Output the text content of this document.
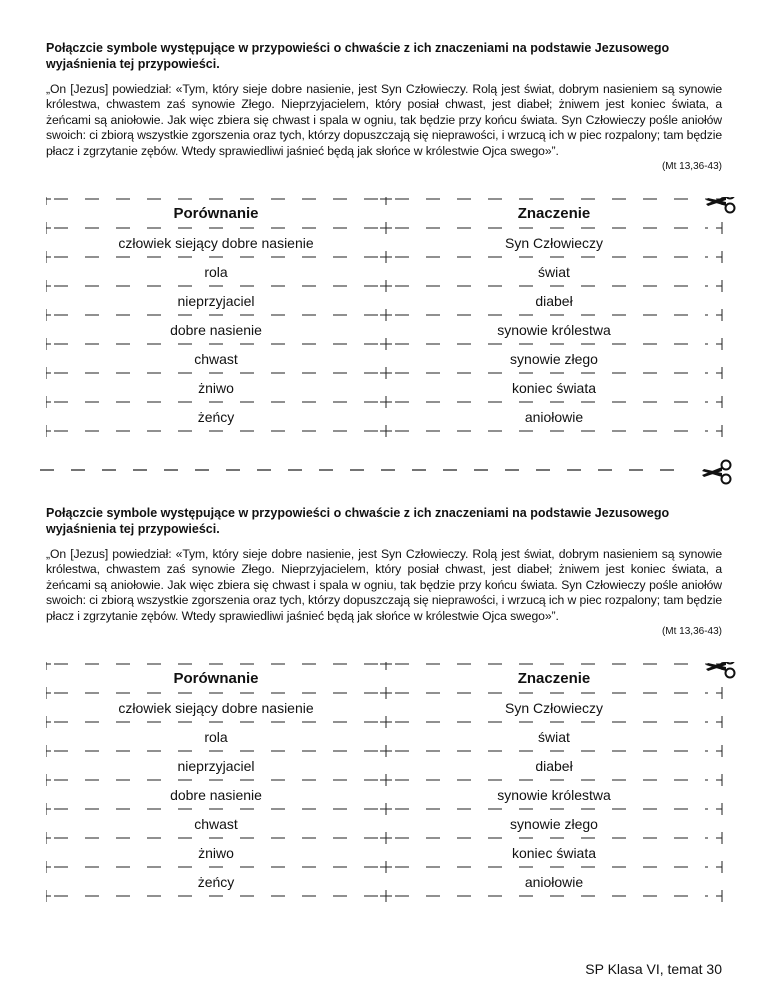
Połączcie symbole występujące w przypowieści o chwaście z ich znaczeniami na podstawie Jezusowego wyjaśnienia tej przypowieści.

„On [Jezus] powiedział: «Tym, który sieje dobre nasienie, jest Syn Człowieczy. Rolą jest świat, dobrym nasieniem są synowie królestwa, chwastem zaś synowie Złego. Nieprzyjacielem, który posiał chwast, jest diabeł; żniwem jest koniec świata, a żeńcami są aniołowie. Jak więc zbiera się chwast i spala w ogniu, tak będzie przy końcu świata. Syn Człowieczy pośle aniołów swoich: ci zbiorą wszystkie zgorszenia oraz tych, którzy dopuszczają się nieprawości, i wrzucą ich w piec rozpalony; tam będzie płacz i zgrzytanie zębów. Wtedy sprawiedliwi jaśnieć będą jak słońce w królestwie Ojca swego»”.

(Mt 13,36-43)
Porównanie	Znaczenie
człowiek siejący dobre nasienie	Syn Człowieczy
rola	świat
nieprzyjaciel	diabeł
dobre nasienie	synowie królestwa
chwast	synowie złego
żniwo	koniec świata
żeńcy	aniołowie

Połączcie symbole występujące w przypowieści o chwaście z ich znaczeniami na podstawie Jezusowego wyjaśnienia tej przypowieści.

„On [Jezus] powiedział: «Tym, który sieje dobre nasienie, jest Syn Człowieczy. Rolą jest świat, dobrym nasieniem są synowie królestwa, chwastem zaś synowie Złego. Nieprzyjacielem, który posiał chwast, jest diabeł; żniwem jest koniec świata, a żeńcami są aniołowie. Jak więc zbiera się chwast i spala w ogniu, tak będzie przy końcu świata. Syn Człowieczy pośle aniołów swoich: ci zbiorą wszystkie zgorszenia oraz tych, którzy dopuszczają się nieprawości, i wrzucą ich w piec rozpalony; tam będzie płacz i zgrzytanie zębów. Wtedy sprawiedliwi jaśnieć będą jak słońce w królestwie Ojca swego»”.

(Mt 13,36-43)
Porównanie	Znaczenie
człowiek siejący dobre nasienie	Syn Człowieczy
rola	świat
nieprzyjaciel	diabeł
dobre nasienie	synowie królestwa
chwast	synowie złego
żniwo	koniec świata
żeńcy	aniołowie
SP Klasa VI, temat 30
